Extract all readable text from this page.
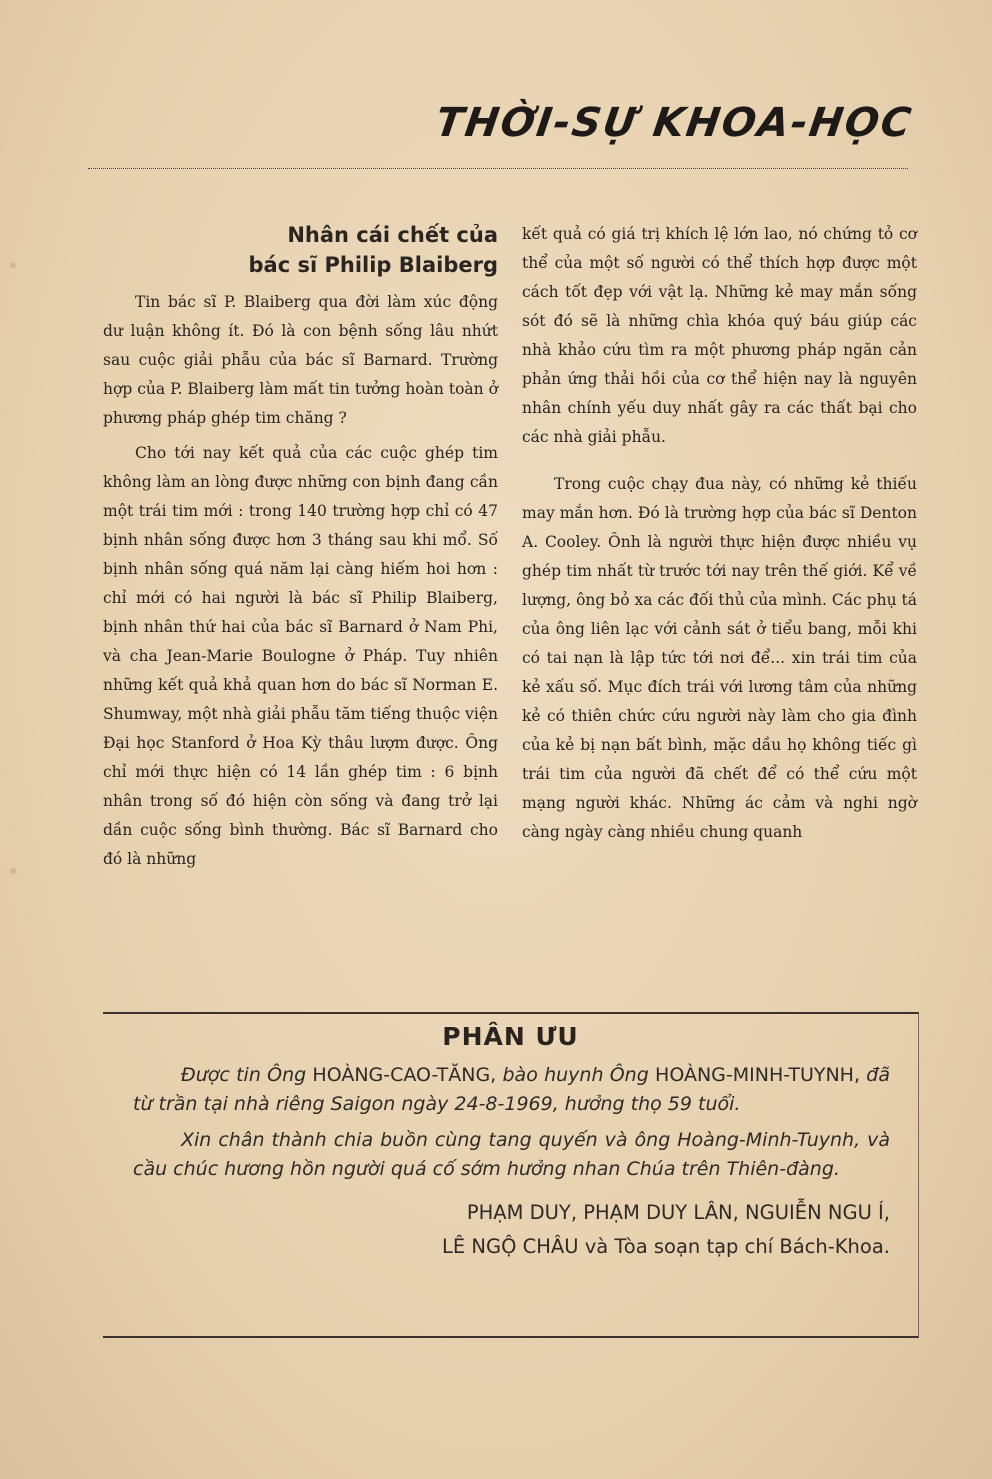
THỜI-SỰ KHOA-HỌC
Nhân cái chết của
bác sĩ Philip Blaiberg

Tin bác sĩ P. Blaiberg qua đời làm xúc động dư luận không ít. Đó là con bệnh sống lâu nhứt sau cuộc giải phẫu của bác sĩ Barnard. Trường hợp của P. Blaiberg làm mất tin tưởng hoàn toàn ở phương pháp ghép tim chăng ?

Cho tới nay kết quả của các cuộc ghép tim không làm an lòng được những con bịnh đang cần một trái tim mới : trong 140 trường hợp chỉ có 47 bịnh nhân sống được hơn 3 tháng sau khi mổ. Số bịnh nhân sống quá năm lại càng hiếm hoi hơn : chỉ mới có hai người là bác sĩ Philip Blaiberg, bịnh nhân thứ hai của bác sĩ Barnard ở Nam Phi, và cha Jean-Marie Boulogne ở Pháp. Tuy nhiên những kết quả khả quan hơn do bác sĩ Norman E. Shumway, một nhà giải phẫu tăm tiếng thuộc viện Đại học Stanford ở Hoa Kỳ thâu lượm được. Ông chỉ mới thực hiện có 14 lần ghép tim : 6 bịnh nhân trong số đó hiện còn sống và đang trở lại dần cuộc sống bình thường. Bác sĩ Barnard cho đó là những

kết quả có giá trị khích lệ lớn lao, nó chứng tỏ cơ thể của một số người có thể thích hợp được một cách tốt đẹp với vật lạ. Những kẻ may mắn sống sót đó sẽ là những chìa khóa quý báu giúp các nhà khảo cứu tìm ra một phương pháp ngăn cản phản ứng thải hồi của cơ thể hiện nay là nguyên nhân chính yếu duy nhất gây ra các thất bại cho các nhà giải phẫu.

Trong cuộc chạy đua này, có những kẻ thiếu may mắn hơn. Đó là trường hợp của bác sĩ Denton A. Cooley. Ônh là người thực hiện được nhiều vụ ghép tim nhất từ trước tới nay trên thế giới. Kể về lượng, ông bỏ xa các đối thủ của mình. Các phụ tá của ông liên lạc với cảnh sát ở tiểu bang, mỗi khi có tai nạn là lập tức tới nơi để... xin trái tim của kẻ xấu số. Mục đích trái với lương tâm của những kẻ có thiên chức cứu người này làm cho gia đình của kẻ bị nạn bất bình, mặc dầu họ không tiếc gì trái tim của người đã chết để có thể cứu một mạng người khác. Những ác cảm và nghi ngờ càng ngày càng nhiều chung quanh

PHÂN ƯU

Được tin Ông HOÀNG-CAO-TĂNG, bào huynh Ông HOÀNG-MINH-TUYNH, đã từ trần tại nhà riêng Saigon ngày 24-8-1969, hưởng thọ 59 tuổi.

Xin chân thành chia buồn cùng tang quyến và ông Hoàng-Minh-Tuynh, và cầu chúc hương hồn người quá cố sớm hưởng nhan Chúa trên Thiên-đàng.

PHẠM DUY, PHẠM DUY LÂN, NGUIỄN NGU Í,
LÊ NGỘ CHÂU và Tòa soạn tạp chí Bách-Khoa.
